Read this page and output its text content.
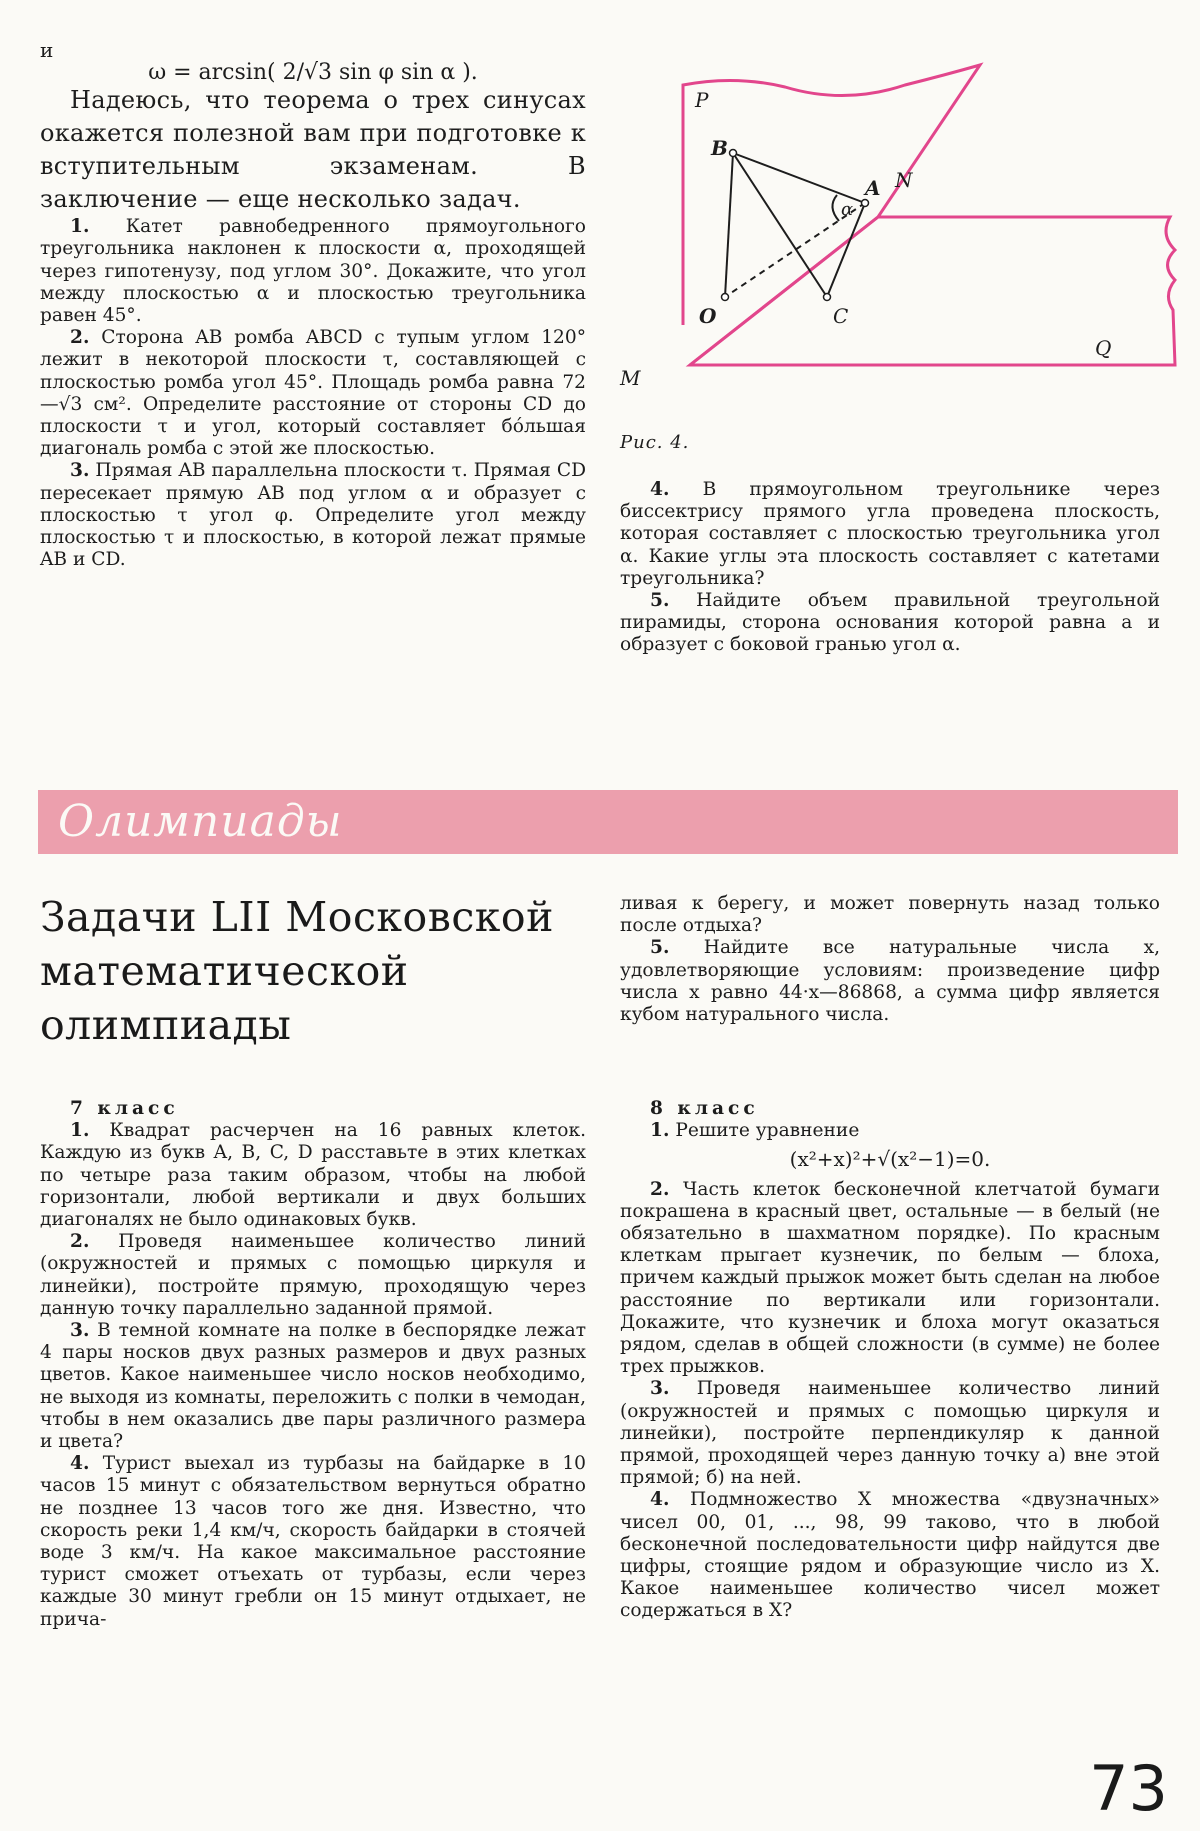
и

ω = arcsin( 2/√3 sin φ sin α ).

Надеюсь, что теорема о трех синусах окажется полезной вам при подготовке к вступительным экзаменам. В заключение — еще несколько задач.

1. Катет равнобедренного прямоугольного треугольника наклонен к плоскости α, проходящей через гипотенузу, под углом 30°. Докажите, что угол между плоскостью α и плоскостью треугольника равен 45°.

2. Сторона AB ромба ABCD с тупым углом 120° лежит в некоторой плоскости τ, составляющей с плоскостью ромба угол 45°. Площадь ромба равна 72—√3 см². Определите расстояние от стороны CD до плоскости τ и угол, который составляет бо́льшая диагональ ромба с этой же плоскостью.

3. Прямая AB параллельна плоскости τ. Прямая CD пересекает прямую AB под углом α и образует с плоскостью τ угол φ. Определите угол между плоскостью τ и плоскостью, в которой лежат прямые AB и CD.

P
B
A N
α
O	C
Q
M
Рис. 4.

4. В прямоугольном треугольнике через биссектрису прямого угла проведена плоскость, которая составляет с плоскостью треугольника угол α. Какие углы эта плоскость составляет с катетами треугольника?

5. Найдите объем правильной треугольной пирамиды, сторона основания которой равна a и образует с боковой гранью угол α.

Олимпиады
Задачи LII Московской математической олимпиады

7 класс

1. Квадрат расчерчен на 16 равных клеток. Каждую из букв A, B, C, D расставьте в этих клетках по четыре раза таким образом, чтобы на любой горизонтали, любой вертикали и двух больших диагоналях не было одинаковых букв.

2. Проведя наименьшее количество линий (окружностей и прямых с помощью циркуля и линейки), постройте прямую, проходящую через данную точку параллельно заданной прямой.

3. В темной комнате на полке в беспорядке лежат 4 пары носков двух разных размеров и двух разных цветов. Какое наименьшее число носков необходимо, не выходя из комнаты, переложить с полки в чемодан, чтобы в нем оказались две пары различного размера и цвета?

4. Турист выехал из турбазы на байдарке в 10 часов 15 минут с обязательством вернуться обратно не позднее 13 часов того же дня. Известно, что скорость реки 1,4 км/ч, скорость байдарки в стоячей воде 3 км/ч. На какое максимальное расстояние турист сможет отъехать от турбазы, если через каждые 30 минут гребли он 15 минут отдыхает, не прича-

ливая к берегу, и может повернуть назад только после отдыха?

5. Найдите все натуральные числа x, удовлетворяющие условиям: произведение цифр числа x равно 44·x—86868, а сумма цифр является кубом натурального числа.

8 класс

1. Решите уравнение

(x²+x)²+√(x²−1)=0.

2. Часть клеток бесконечной клетчатой бумаги покрашена в красный цвет, остальные — в белый (не обязательно в шахматном порядке). По красным клеткам прыгает кузнечик, по белым — блоха, причем каждый прыжок может быть сделан на любое расстояние по вертикали или горизонтали. Докажите, что кузнечик и блоха могут оказаться рядом, сделав в общей сложности (в сумме) не более трех прыжков.

3. Проведя наименьшее количество линий (окружностей и прямых с помощью циркуля и линейки), постройте перпендикуляр к данной прямой, проходящей через данную точку а) вне этой прямой; б) на ней.

4. Подмножество X множества «двузначных» чисел 00, 01, ..., 98, 99 таково, что в любой бесконечной последовательности цифр найдутся две цифры, стоящие рядом и образующие число из X. Какое наименьшее количество чисел может содержаться в X?

73
